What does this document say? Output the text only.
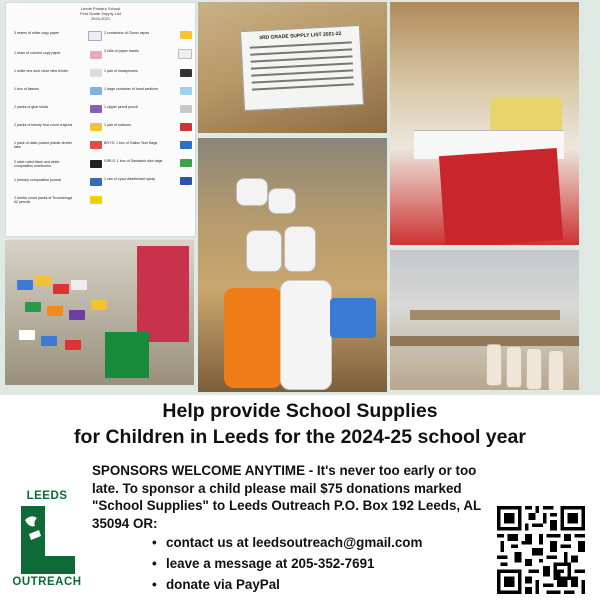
Leeds Primary School
First Grade Supply List
2020-2021
3 reams of white copy paper
1 ream of colored copy paper
1 white one-inch clear view binder
1 box of tissues
2 packs of glue sticks
2 packs of twenty four count crayons
1 pack of dash-pocket plastic divider tabs
2 wide-ruled black and white composition notebooks
1 primary composition journal
2 twelve count packs of Ticonderoga #2 pencils
2 containers of Clorox wipes
3 rolls of paper towels
1 pair of headphones
1 large container of hand sanitizer
1 zipper pencil pouch
1 pair of scissors
BOYS: 1 box of Gallon Size Bags
GIRLS: 1 box of Sandwich size bags
1 can of Lysol disinfectant spray
3RD GRADE SUPPLY LIST 2021-22
Help provide School Supplies
for Children in Leeds for the 2024-25 school year

SPONSORS WELCOME ANYTIME - It's never too early or too late. To sponsor a child please mail $75 donations marked "School Supplies" to Leeds Outreach P.O. Box 192 Leeds, AL 35094 OR:

• contact us at leedsoutreach@gmail.com
• leave a message at 205-352-7691
• donate via PayPal
LEEDS
OUTREACH
